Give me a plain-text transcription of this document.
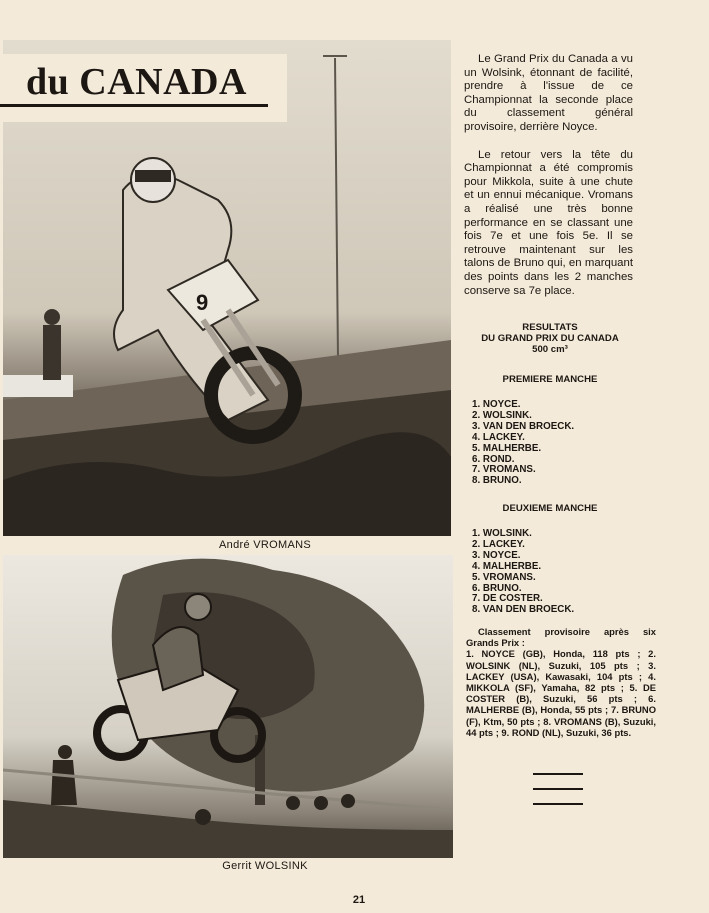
9
du CANADA
André VROMANS
Gerrit WOLSINK

Le Grand Prix du Canada a vu un Wolsink, étonnant de facilité, prendre à l'issue de ce Championnat la seconde place du classement général provisoire, derrière Noyce.

Le retour vers la tête du Championnat a été compromis pour Mikkola, suite à une chute et un ennui mécanique. Vromans a réalisé une très bonne performance en se classant une fois 7e et une fois 5e. Il se retrouve maintenant sur les talons de Bruno qui, en marquant des points dans les 2 manches conserve sa 7e place.

RESULTATS
DU GRAND PRIX DU CANADA
500 cm³
PREMIERE MANCHE
1. NOYCE.
2. WOLSINK.
3. VAN DEN BROECK.
4. LACKEY.
5. MALHERBE.
6. ROND.
7. VROMANS.
8. BRUNO.
DEUXIEME MANCHE
1. WOLSINK.
2. LACKEY.
3. NOYCE.
4. MALHERBE.
5. VROMANS.
6. BRUNO.
7. DE COSTER.
8. VAN DEN BROECK.
Classement provisoire après six Grands Prix :
1. NOYCE (GB), Honda, 118 pts ; 2. WOLSINK (NL), Suzuki, 105 pts ; 3. LACKEY (USA), Kawasaki, 104 pts ; 4. MIKKOLA (SF), Yamaha, 82 pts ; 5. DE COSTER (B), Suzuki, 56 pts ; 6. MALHERBE (B), Honda, 55 pts ; 7. BRUNO (F), Ktm, 50 pts ; 8. VROMANS (B), Suzuki, 44 pts ; 9. ROND (NL), Suzuki, 36 pts.
21
